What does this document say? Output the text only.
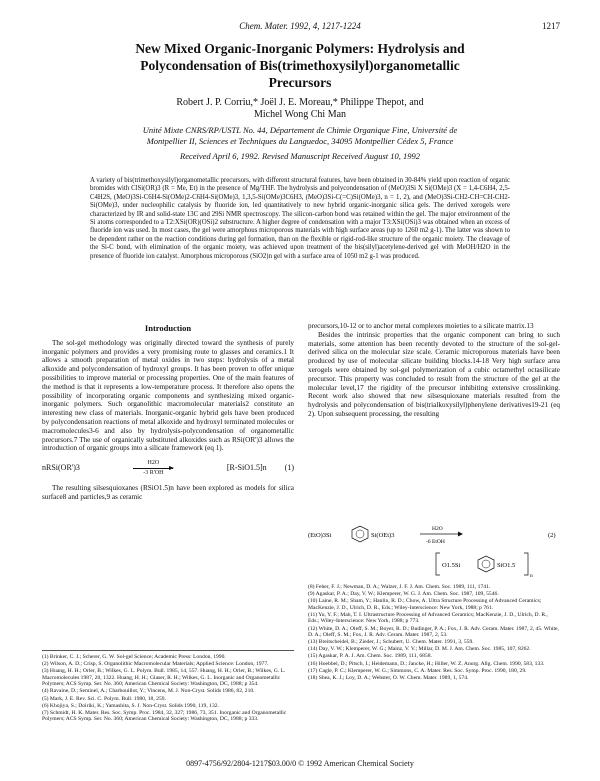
Chem. Mater. 1992, 4, 1217-1224	1217
New Mixed Organic-Inorganic Polymers: Hydrolysis and
Polycondensation of Bis(trimethoxysilyl)organometallic
Precursors
Robert J. P. Corriu,* Joël J. E. Moreau,* Philippe Thepot, and
Michel Wong Chi Man
Unité Mixte CNRS/RP/USTL No. 44, Département de Chimie Organique Fine, Université de
Montpellier II, Sciences et Techniques du Languedoc, 34095 Montpellier Cédex 5, France
Received April 6, 1992. Revised Manuscript Received August 10, 1992
A variety of bis(trimethoxysilyl)organometallic precursors, with different structural features, have been obtained in 30-84% yield upon reaction of organic bromides with ClSi(OR)3 (R = Me, Et) in the presence of Mg/THF. The hydrolysis and polycondensation of (MeO)3Si X Si(OMe)3 (X = 1,4-C6H4, 2,5-C4H2S, (MeO)3Si-C6H4-Si(OMe)2-C6H4-Si(OMe)3, 1,3,5-Si(OMe)3C6H3, (MeO)3Si-C(=C)Si(OMe)3, n = 1, 2), and (MeO)3Si-CH2-CH=CH-CH2-Si(OMe)3, under nucleophilic catalysis by fluoride ion, led quantitatively to new hybrid organic-inorganic silica gels. The derived xerogels were characterized by IR and solid-state 13C and 29Si NMR spectroscopy. The silicon-carbon bond was retained within the gel. The major environment of the Si atoms corresponded to a T2:XSi(OR)(OSi)2 substructure. A higher degree of condensation with a major T3:XSi(OSi)3 was obtained when an excess of fluoride ion was used. In most cases, the gel were amorphous microporous materials with high surface areas (up to 1260 m2 g-1). The latter was shown to be dependent rather on the reaction conditions during gel formation, than on the flexible or rigid-rod-like structure of the organic moiety. The cleavage of the Si-C bond, with elimination of the organic moiety, was achieved upon treatment of the bis(silyl)acetylene-derived gel with MeOH/H2O in the presence of fluoride ion catalyst. Amorphous microporous (SiO2)n gel with a surface area of 1050 m2 g-1 was produced.
Introduction

The sol-gel methodology was originally directed toward the synthesis of purely inorganic polymers and provides a very promising route to glasses and ceramics.1 It allows a smooth preparation of metal oxides in two steps: hydrolysis of a metal alkoxide and polycondensation of hydroxyl groups. It has been proven to offer unique possibilities to improve material or processing properties. One of the main features of the method is that it represents a low-temperature process. It therefore also opens the possibility of incorporating organic components and synthesizing mixed organic-inorganic polymers. Such organolithic macromolecular materials2 constitute an interesting new class of materials. Inorganic-organic hybrid gels have been produced by polycondensation reactions of metal alkoxide and hydroxyl terminated molecules or macromolecules3-6 and also by hydrolysis-polycondensation of organometallic precursors.7 The use of organically substituted alkoxides such as RSi(OR')3 allows the introduction of organic groups into a silicate framework (eq 1).

nRSi(OR')3	H2O
-3 R'OH
[R-SiO1.5]n (1)

The resulting silsesquioxanes (RSiO1.5)n have been explored as models for silica surface8 and particles,9 as ceramic

precursors,10-12 or to anchor metal complexes moieties to a silicate matrix.13

Besides the intrinsic properties that the organic component can bring to such materials, some attention has been recently devoted to the structure of the sol-gel-derived silica on the molecular size scale. Ceramic microporous materials have been produced by use of molecular silicate building blocks.14-18 Very high surface area xerogels were obtained by sol-gel polymerization of a cubic octamethyl octasilicate precursor. This property was concluded to result from the structure of the gel at the molecular level,17 the rigidity of the precursor inhibiting extensive crosslinking. Recent work also showed that new silsesquioxane materials resulted from the hydrolysis and polycondensation of bis(trialkoxysilyl)phenylene derivatives19-21 (eq 2). Upon subsequent processing, the resulting

(EtO)3Si	Si(OEt)3
H2O
-6 EtOH
(2)
O1.5Si	SiO1.5
n
(1) Brinker, C. J.; Scherer, G. W. Sol-gel Science; Academic Press: London, 1990.
(2) Wilson, A. D.; Crisp, S. Organolithic Macromolecular Materials; Applied Science: London, 1977.
(3) Huang, H. H.; Orler, B.; Wilkes, G. L. Polym. Bull. 1985, 14, 557. Huang, H. H.; Orler, B.; Wilkes, G. L. Macromolecules 1987, 20, 1322. Huang, H. H.; Glaser, R. H.; Wilkes, G. L. Inorganic and Organometallic Polymers; ACS Symp. Ser. No. 360; American Chemical Society: Washington, DC, 1988; p 354.
(4) Ravaine, D.; Seminel, A.; Charbouillot, Y.; Vincens, M. J. Non-Cryst. Solids 1986, 82, 210.
(5) Mark, J. E. Rev. Sci. C. Polym. Bull. 1980, 18, 259.
(6) Khojiya, S.; Doiriki, K.; Yamashita, S. J. Non-Cryst. Solids 1990, 119, 132.
(7) Schmidt, H. K. Mater. Res. Soc. Symp. Proc. 1984, 32, 327; 1986, 73, 351. Inorganic and Organometallic Polymers; ACS Symp. Ser. No. 360; American Chemical Society: Washington, DC, 1988; p 333.
(8) Feher, F. J.; Newman, D. A.; Walzer, J. F. J. Am. Chem. Soc. 1989, 111, 1741.
(9) Agaskar, P. A.; Day, V. W.; Klemperer, W. G. J. Am. Chem. Soc. 1987, 109, 5546.
(10) Laine, R. M.; Sham, Y.; Hanlin, R. D.; Chow, A. Ultra Structure Processing of Advanced Ceramics; MacKenzie, J. D., Ulrich, D. R., Eds.; Wiley-Interscience: New York, 1988; p 761.
(11) Yu, Y. F.; Mah, T. I. Ultrastructure Processing of Advanced Ceramics; MacKenzie, J. D., Ulrich, D. R., Eds.; Wiley-Interscience: New York, 1988; p 773.
(12) White, D. A.; Oleff, S. M.; Boyer, R. D.; Budinger, P. A.; Fox, J. R. Adv. Ceram. Mater. 1987, 2, 45. White, D. A.; Oleff, S. M.; Fox, J. R. Adv. Ceram. Mater. 1987, 2, 53.
(13) Breitscheidel, B.; Zieder, J.; Schubert, U. Chem. Mater. 1991, 3, 559.
(14) Day, V. W.; Klemperer, W. G.; Mainz, V. V.; Millar, D. M. J. Am. Chem. Soc. 1985, 107, 8262.
(15) Agaskar, P. A. J. Am. Chem. Soc. 1989, 111, 6858.
(16) Hoebbel, D.; Pitsch, I.; Heidemann, D.; Jancke, H.; Hiller, W. Z. Anorg. Allg. Chem. 1990, 583, 133.
(17) Cagle, P. C.; Klemperer, W. G.; Simmons, C. A. Mater. Res. Soc. Symp. Proc. 1990, 180, 29.
(18) Shea, K. J.; Loy, D. A.; Webster, O. W. Chem. Mater. 1989, 1, 574.
0897-4756/92/2804-1217$03.00/0 © 1992 American Chemical Society
